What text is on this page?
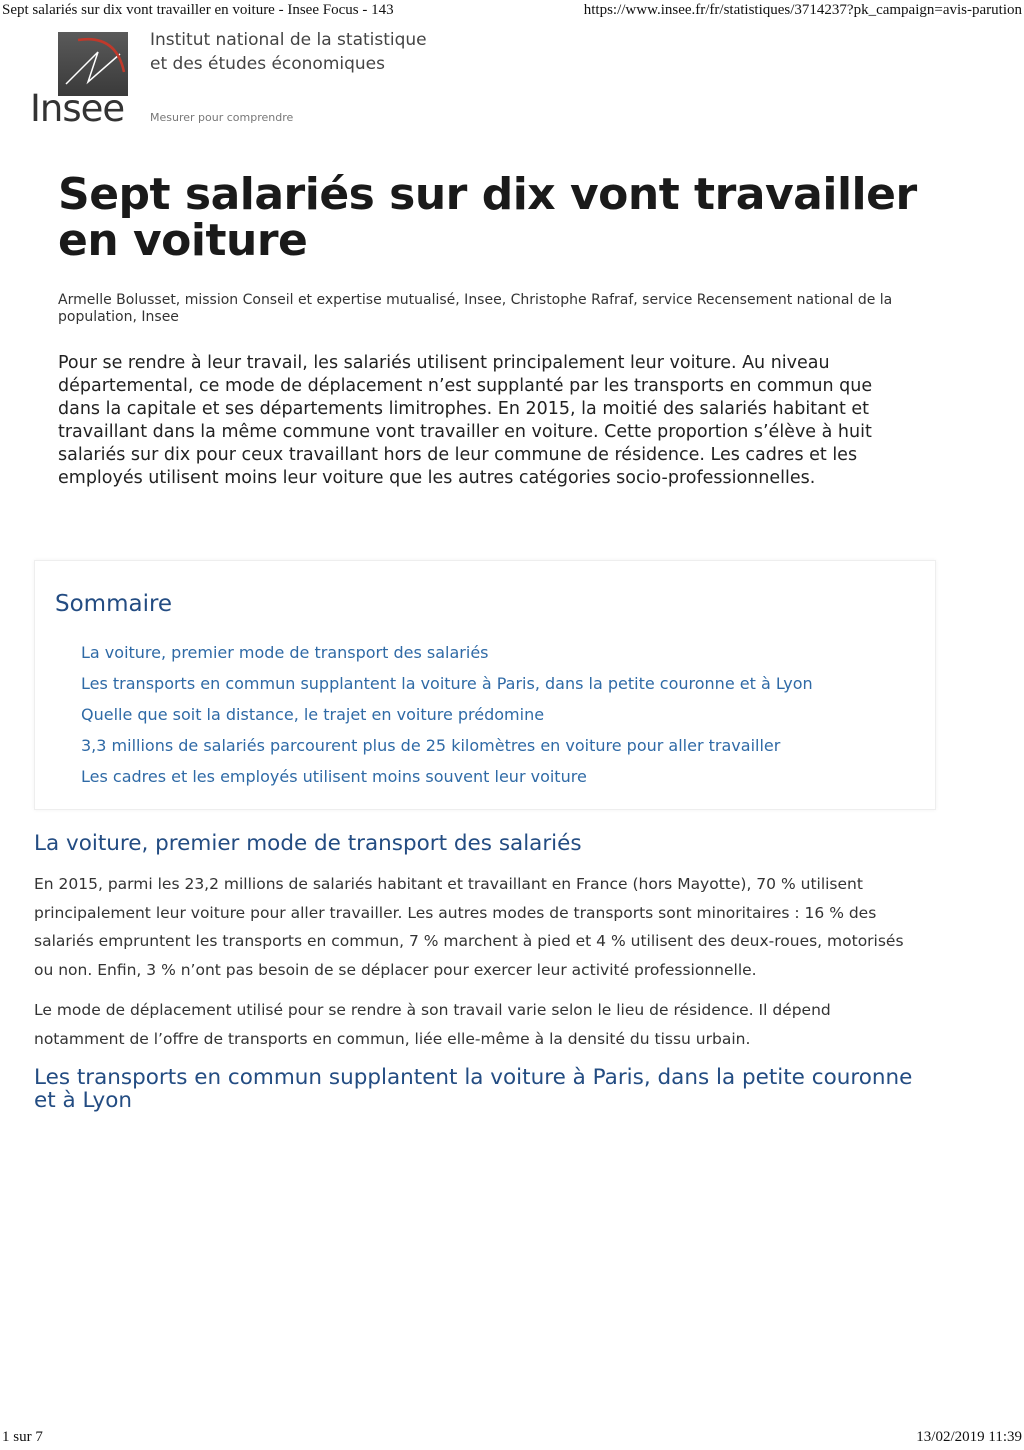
Sept salariés sur dix vont travailler en voiture - Insee Focus - 143	https://www.insee.fr/fr/statistiques/3714237?pk_campaign=avis-parution
Insee
Institut national de la statistique
et des études économiques
Mesurer pour comprendre
Sept salariés sur dix vont travailler en voiture
Armelle Bolusset, mission Conseil et expertise mutualisé, Insee, Christophe Rafraf, service Recensement national de la population, Insee

Pour se rendre à leur travail, les salariés utilisent principalement leur voiture. Au niveau départemental, ce mode de déplacement n’est supplanté par les transports en commun que dans la capitale et ses départements limitrophes. En 2015, la moitié des salariés habitant et travaillant dans la même commune vont travailler en voiture. Cette proportion s’élève à huit salariés sur dix pour ceux travaillant hors de leur commune de résidence. Les cadres et les employés utilisent moins leur voiture que les autres catégories socio-professionnelles.

Sommaire
La voiture, premier mode de transport des salariés
Les transports en commun supplantent la voiture à Paris, dans la petite couronne et à Lyon
Quelle que soit la distance, le trajet en voiture prédomine
3,3 millions de salariés parcourent plus de 25 kilomètres en voiture pour aller travailler
Les cadres et les employés utilisent moins souvent leur voiture
La voiture, premier mode de transport des salariés

En 2015, parmi les 23,2 millions de salariés habitant et travaillant en France (hors Mayotte), 70 % utilisent principalement leur voiture pour aller travailler. Les autres modes de transports sont minoritaires : 16 % des salariés empruntent les transports en commun, 7 % marchent à pied et 4 % utilisent des deux-roues, motorisés ou non. Enfin, 3 % n’ont pas besoin de se déplacer pour exercer leur activité professionnelle.

Le mode de déplacement utilisé pour se rendre à son travail varie selon le lieu de résidence. Il dépend notamment de l’offre de transports en commun, liée elle-même à la densité du tissu urbain.

Les transports en commun supplantent la voiture à Paris, dans la petite couronne et à Lyon
1 sur 7	13/02/2019 11:39
